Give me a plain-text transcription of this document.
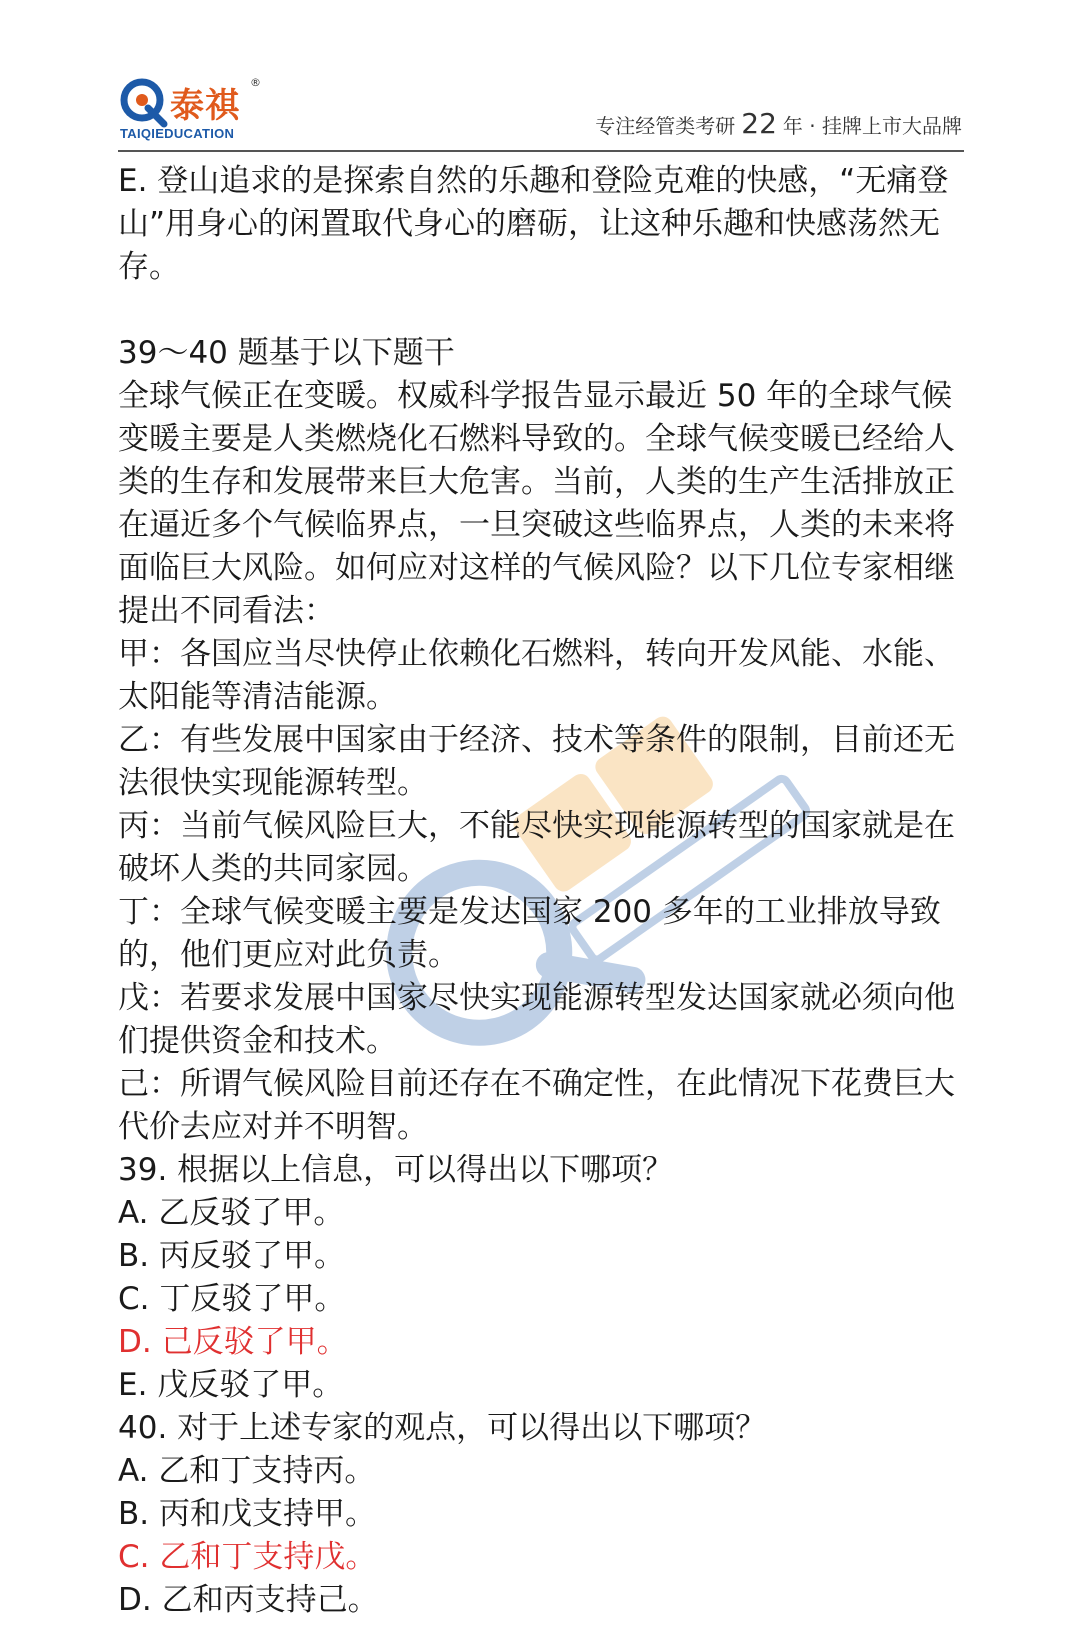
泰祺
®
TAIQIEDUCATION	专注经管类考研 22 年 · 挂牌上市大品牌

E. 登山追求的是探索自然的乐趣和登险克难的快感，“无痛登山”用身心的闲置取代身心的磨砺，让这种乐趣和快感荡然无存。

39～40 题基于以下题干

全球气候正在变暖。权威科学报告显示最近 50 年的全球气候变暖主要是人类燃烧化石燃料导致的。全球气候变暖已经给人类的生存和发展带来巨大危害。当前，人类的生产生活排放正在逼近多个气候临界点，一旦突破这些临界点，人类的未来将面临巨大风险。如何应对这样的气候风险？以下几位专家相继提出不同看法：

甲：各国应当尽快停止依赖化石燃料，转向开发风能、水能、太阳能等清洁能源。

乙：有些发展中国家由于经济、技术等条件的限制，目前还无法很快实现能源转型。

丙：当前气候风险巨大，不能尽快实现能源转型的国家就是在破坏人类的共同家园。

丁：全球气候变暖主要是发达国家 200 多年的工业排放导致的，他们更应对此负责。

戊：若要求发展中国家尽快实现能源转型发达国家就必须向他们提供资金和技术。

己：所谓气候风险目前还存在不确定性，在此情况下花费巨大代价去应对并不明智。

39. 根据以上信息，可以得出以下哪项？

A. 乙反驳了甲。

B. 丙反驳了甲。

C. 丁反驳了甲。

D. 己反驳了甲。

E. 戊反驳了甲。

40. 对于上述专家的观点，可以得出以下哪项？

A. 乙和丁支持丙。

B. 丙和戊支持甲。

C. 乙和丁支持戊。

D. 乙和丙支持己。
